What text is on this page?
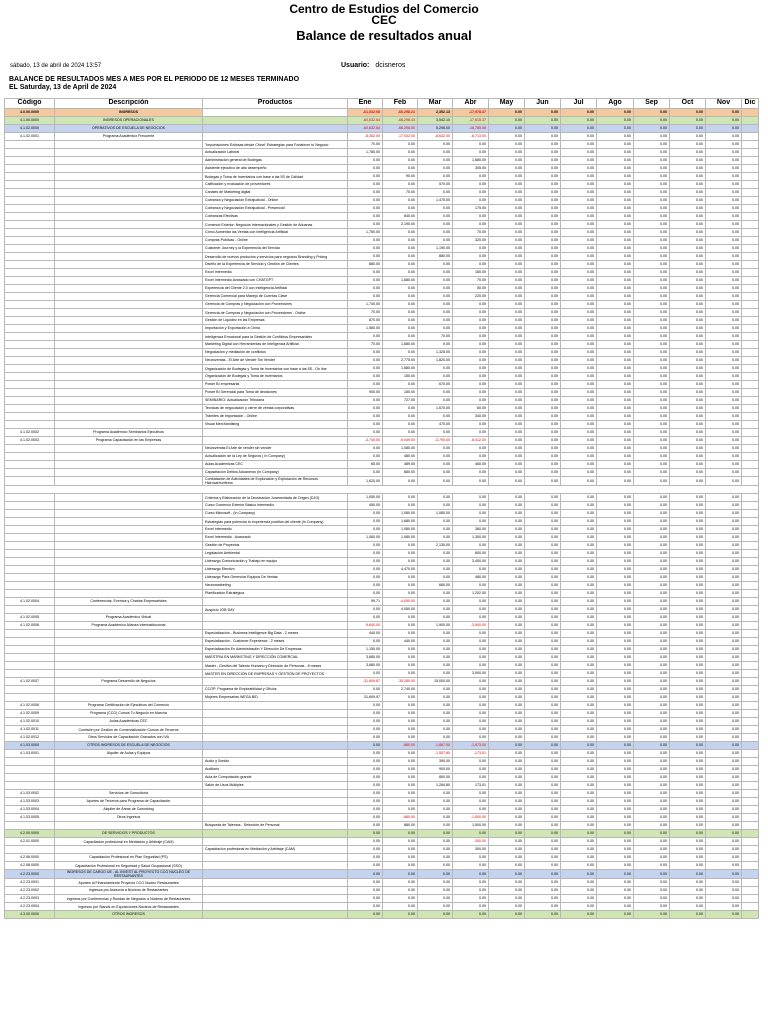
Centro de Estudios del Comercio
CEC
Balance de resultados anual
sábado, 13 de abril de 2024 13:57	Usuario: dcisneros
BALANCE DE RESULTADOS MES A MES POR EL PERIODO DE 12 MESES TERMINADO EL Saturday, 13 de April de 2024
Código	Descripción	Productos	Ene	Feb	Mar	Abr	May	Jun	Jul	Ago	Sep	Oct	Nov	Dic
4.0.00.0000	INGRESOS		-61,032.08	-66,298.21	2,352.13	-17,978.37	0.00	0.00	0.00	0.00	0.00	0.00	0.00	
4.1.00.0000	INGRESOS OPERACIONALES		-60,632.64	-66,298.43	3,542.10	-17,615.37	0.00	0.00	0.00	0.00	0.00	0.00	0.00	
4.1.02.0000	OPERATIVOS DE ESCUELA DE NEGOCIOS		-60,632.64	-66,298.50	5,296.00	-18,785.08	0.00	0.00	0.00	0.00	0.00	0.00	0.00	
4.1.02.0001	Programa Académico Frecuente		-8,362.00	-17,032.00	-8,632.00	-6,713.00	0.00	0.00	0.00	0.00	0.00	0.00	0.00	
		"Importaciones Exitosas desde China" Estrategias para Fortalecer tu Negocio	70.00	0.00	0.00	0.00	0.00	0.00	0.00	0.00	0.00	0.00	0.00	
		Actualización Laboral	1,780.00	0.00	0.00	0.00	0.00	0.00	0.00	0.00	0.00	0.00	0.00	
		Administración general de Bodegas	0.00	0.00	0.00	1,680.00	0.00	0.00	0.00	0.00	0.00	0.00	0.00	
		Asistente ejecutivo de alto desempeño	0.00	0.00	0.00	305.00	0.00	0.00	0.00	0.00	0.00	0.00	0.00	
		Bodegas y Toma de Inventarios con base a las 5S de Calidad	0.00	90.00	0.00	0.00	0.00	0.00	0.00	0.00	0.00	0.00	0.00	
		Calificación y evaluación de proveedores	0.00	0.00	570.00	0.00	0.00	0.00	0.00	0.00	0.00	0.00	0.00	
		Canales de Marketing digital	0.00	70.00	0.00	0.00	0.00	0.00	0.00	0.00	0.00	0.00	0.00	
		Cobranza y Negociación Extrajudicial - Online	0.00	0.00	1,475.00	0.00	0.00	0.00	0.00	0.00	0.00	0.00	0.00	
		Cobranza y Negociación Extrajudicial - Presencial	0.00	0.00	0.00	175.00	0.00	0.00	0.00	0.00	0.00	0.00	0.00	
		Cobranzas Efectivas	0.00	840.00	0.00	0.00	0.00	0.00	0.00	0.00	0.00	0.00	0.00	
		Comercio Exterior: Negocios Internacionales y Gestión de Aduanas	0.00	2,190.00	0.00	0.00	0.00	0.00	0.00	0.00	0.00	0.00	0.00	
		Cómo Aumentar las Ventas con Inteligencia Artificial	1,750.00	0.00	0.00	70.00	0.00	0.00	0.00	0.00	0.00	0.00	0.00	
		Compras Públicas - Online	0.00	0.00	0.00	320.00	0.00	0.00	0.00	0.00	0.00	0.00	0.00	
		Customer Journey y la Experiencia del Servicio	0.00	0.00	1,190.00	0.00	0.00	0.00	0.00	0.00	0.00	0.00	0.00	
		Desarrollo de nuevos productos y servicios para negocios Branding y Pricing	0.00	0.00	880.00	0.00	0.00	0.00	0.00	0.00	0.00	0.00	0.00	
		Diseño de la Experiencia de Servicio y Gestión de Clientes	880.00	0.00	0.00	0.00	0.00	0.00	0.00	0.00	0.00	0.00	0.00	
		Excel Intermedio	0.00	0.00	0.00	160.00	0.00	0.00	0.00	0.00	0.00	0.00	0.00	
		Excel Intermedio Avanzado con CHATGPT	0.00	1,680.00	0.00	70.00	0.00	0.00	0.00	0.00	0.00	0.00	0.00	
		Experiencia del Cliente 2.0 con Inteligencia Artificial	0.00	0.00	0.00	50.00	0.00	0.00	0.00	0.00	0.00	0.00	0.00	
		Gerencia Comercial para Manejo de Cuentas Clave	0.00	0.00	0.00	220.00	0.00	0.00	0.00	0.00	0.00	0.00	0.00	
		Gerencia de Compras y Negociación con Proveedores	1,740.00	0.00	0.00	0.00	0.00	0.00	0.00	0.00	0.00	0.00	0.00	
		Gerencia de Compras y Negociación con Proveedores - Online	70.00	0.00	0.00	0.00	0.00	0.00	0.00	0.00	0.00	0.00	0.00	
		Gestión de Liquidez en las Empresas	870.00	0.00	0.00	0.00	0.00	0.00	0.00	0.00	0.00	0.00	0.00	
		Importación y Exportación a China	1,580.00	0.00	0.00	0.00	0.00	0.00	0.00	0.00	0.00	0.00	0.00	
		Inteligencia Emocional para la Gestión de Conflictos Empresariales	0.00	0.00	70.00	0.00	0.00	0.00	0.00	0.00	0.00	0.00	0.00	
		Marketing Digital con Herramientas de Inteligencia Artificial	70.00	1,680.00	0.00	0.00	0.00	0.00	0.00	0.00	0.00	0.00	0.00	
		Negociación y mediación de conflictos	0.00	0.00	1,325.00	0.00	0.00	0.00	0.00	0.00	0.00	0.00	0.00	
		Neuroventas - El Arte de Vender Sin Vender	0.00	2,775.00	1,820.00	0.00	0.00	0.00	0.00	0.00	0.00	0.00	0.00	
		Organización de Bodegas y Toma de Inventarios con base a las 5S - On line	0.00	1,680.00	0.00	0.00	0.00	0.00	0.00	0.00	0.00	0.00	0.00	
		Organización de Bodegas y Toma de Inventarios	0.00	150.00	0.00	0.00	0.00	0.00	0.00	0.00	0.00	0.00	0.00	
		Power BI empresarial	0.00	0.00	670.00	0.00	0.00	0.00	0.00	0.00	0.00	0.00	0.00	
		Power BI Gerencial para Toma de decisiones	900.00	150.00	0.00	0.00	0.00	0.00	0.00	0.00	0.00	0.00	0.00	
		SEMINARIO: Actualización Tributaria	0.00	727.00	0.00	0.00	0.00	0.00	0.00	0.00	0.00	0.00	0.00	
		Tecnicas de negociación y cierre de ventas corporativas	0.00	0.00	1,670.00	60.00	0.00	0.00	0.00	0.00	0.00	0.00	0.00	
		Trámites de importación - Online	0.00	0.00	0.00	340.00	0.00	0.00	0.00	0.00	0.00	0.00	0.00	
		Visual Merchandising	0.00	0.00	470.00	0.00	0.00	0.00	0.00	0.00	0.00	0.00	0.00	
4.1.02.0002	Programa Académico Seminarios Ejecutivos		0.00	0.00	0.00	0.00	0.00	0.00	0.00	0.00	0.00	0.00	0.00	
4.1.02.0003	Programa Capacitación en las Empresas		-3,740.00	-9,049.00	-3,790.00	-8,412.00	0.00	0.00	0.00	0.00	0.00	0.00	0.00	
		Neuroventas El Arte de vender sin vender	0.00	1,080.00	0.00	0.00	0.00	0.00	0.00	0.00	0.00	0.00	0.00	
		Actualización de la Ley de Seguros ( In Company)	0.00	480.00	0.00	0.00	0.00	0.00	0.00	0.00	0.00	0.00	0.00	
		Aulas Académicas CEC	65.00	489.00	0.00	460.00	0.00	0.00	0.00	0.00	0.00	0.00	0.00	
		Capacitación Delitos Aduaneros (In Company)	0.00	680.00	0.00	0.00	0.00	0.00	0.00	0.00	0.00	0.00	0.00	
		Contratación de Actividades de Exploración y Explotación de Recursos Hidrocarburíferos	1,620.00	0.00	0.00	0.00	0.00	0.00	0.00	0.00	0.00	0.00	0.00	

		Criterios y Elaboración de la Declaración Juramentada de Origen (DJO)	1,050.00	0.00	0.00	0.00	0.00	0.00	0.00	0.00	0.00	0.00	0.00	
		Curso Comercio Exterior Básico Intermedio	450.00	0.00	0.00	0.00	0.00	0.00	0.00	0.00	0.00	0.00	0.00	
		Curso Microsoft - (In Company)	0.00	1,080.00	1,080.00	0.00	0.00	0.00	0.00	0.00	0.00	0.00	0.00	
		Estrategias para potenciar tu experiencia positiva del cliente (In Company)	0.00	1,680.00	0.00	0.00	0.00	0.00	0.00	0.00	0.00	0.00	0.00	
		Excel intermedio	0.00	1,080.00	0.00	360.00	0.00	0.00	0.00	0.00	0.00	0.00	0.00	
		Excel Intermedio - Avanzado	1,080.00	1,080.00	0.00	1,300.00	0.00	0.00	0.00	0.00	0.00	0.00	0.00	
		Gestión de Proyectos	0.00	0.00	2,130.00	0.00	0.00	0.00	0.00	0.00	0.00	0.00	0.00	
		Legislación Ambiental	0.00	0.00	0.00	800.00	0.00	0.00	0.00	0.00	0.00	0.00	0.00	
		Liderazgo Comunicación y Trabajo en equipo	0.00	0.00	0.00	3,400.00	0.00	0.00	0.00	0.00	0.00	0.00	0.00	
		Liderazgo Efectivo	0.00	4,470.00	0.00	0.00	0.00	0.00	0.00	0.00	0.00	0.00	0.00	
		Liderazgo Para Gerenciar Equipos De Ventas	0.00	0.00	0.00	480.00	0.00	0.00	0.00	0.00	0.00	0.00	0.00	
		Neuromarketing	0.00	0.00	680.00	0.00	0.00	0.00	0.00	0.00	0.00	0.00	0.00	
		Planificación Estratégica	0.00	0.00	0.00	1,202.00	0.00	0.00	0.00	0.00	0.00	0.00	0.00	
4.1.02.0004	Conferencias, Eventos y Charlas Empresariales		99.71	-4,050.00	0.00	0.00	0.00	0.00	0.00	0.00	0.00	0.00	0.00	
		Auspicio JOB DAY	0.00	4,050.00	0.00	0.00	0.00	0.00	0.00	0.00	0.00	0.00	0.00	
4.1.02.0005	Programa Académico Virtual		0.00	0.00	0.00	0.00	0.00	0.00	0.00	0.00	0.00	0.00	0.00	
4.1.02.0006	Programa Académico Alianza Interinstitucional		-9,640.00	0.00	1,900.00	-3,900.00	0.00	0.00	0.00	0.00	0.00	0.00	0.00	
		Especialización - Business Intelligence Big Data - 2 meses	440.00	0.00	0.00	0.00	0.00	0.00	0.00	0.00	0.00	0.00	0.00	
		Especialización - Customer Experience - 2 meses	0.00	440.00	0.00	0.00	0.00	0.00	0.00	0.00	0.00	0.00	0.00	
		Especialización En Administración Y Dirección De Empresas	1,150.00	0.00	0.00	0.00	0.00	0.00	0.00	0.00	0.00	0.00	0.00	
		MAESTRIA EN MARKETING Y DIRECCIÓN COMERCIAL	3,680.00	0.00	0.00	0.00	0.00	0.00	0.00	0.00	0.00	0.00	0.00	
		Master - Gestión del Talento Humano y Dirección de Personas - 8 meses	3,680.00	0.00	0.00	0.00	0.00	0.00	0.00	0.00	0.00	0.00	0.00	
		MASTER EN DIRECCIÓN DE EMPRESAS Y GESTIÓN DE PROYECTOS	0.00	0.00	0.00	3,900.00	0.00	0.00	0.00	0.00	0.00	0.00	0.00	
4.1.02.0007	Programa Desarrollo de Negocios		-31,609.87	-35,280.00	15,000.00	0.00	0.00	0.00	0.00	0.00	0.00	0.00	0.00	
		CCGP: Programa de Empleabilidad y Oficios	0.00	2,740.00	0.00	0.00	0.00	0.00	0.00	0.00	0.00	0.00	0.00	
		Mujeres Empresarias WEGA BID	31,609.97	0.00	0.00	0.00	0.00	0.00	0.00	0.00	0.00	0.00	0.00	
4.1.02.0008	Programa Certificación de Ejecutivos del Comercio		0.00	0.00	0.00	0.00	0.00	0.00	0.00	0.00	0.00	0.00	0.00	
4.1.02.0009	Programa (CCG) Cursos Tu Negocio en Marcha		0.00	0.00	0.00	0.00	0.00	0.00	0.00	0.00	0.00	0.00	0.00	
4.1.02.0010	Aulas Académicas CEC		0.00	0.00	0.00	0.00	0.00	0.00	0.00	0.00	0.00	0.00	0.00	
4.1.02.0011	Comisión por Gestión de Comercialización Cursos de Terceros		0.00	0.00	0.00	0.00	0.00	0.00	0.00	0.00	0.00	0.00	0.00	
4.1.02.0012	Otros Servicios de Capacitación Gravados con IVA		0.00	0.00	0.00	0.00	0.00	0.00	0.00	0.00	0.00	0.00	0.00	
4.1.03.0000	OTROS INGRESOS DE ESCUELA DE NEGOCIOS		0.00	-880.00	-1,867.00	-1,673.00	0.00	0.00	0.00	0.00	0.00	0.00	0.00	
4.1.03.0001	Alquiler de Aulas y Equipos		0.00	0.00	-1,557.80	-173.01	0.00	0.00	0.00	0.00	0.00	0.00	0.00	
		Audio y Sonido	0.00	0.00	390.00	0.00	0.00	0.00	0.00	0.00	0.00	0.00	0.00	
		Auditorio	0.00	0.00	900.00	0.00	0.00	0.00	0.00	0.00	0.00	0.00	0.00	
		Aula de Computación grande	0.00	0.00	800.00	0.00	0.00	0.00	0.00	0.00	0.00	0.00	0.00	
		Salón de Usos Múltiples	0.00	0.00	1,284.80	173.01	0.00	0.00	0.00	0.00	0.00	0.00	0.00	
4.1.03.0002	Servicios de Consultoría		0.00	0.00	0.00	0.00	0.00	0.00	0.00	0.00	0.00	0.00	0.00	
4.1.03.0003	Aportes de Terceros para Programa de Capacitación		0.00	0.00	0.00	0.00	0.00	0.00	0.00	0.00	0.00	0.00	0.00	
4.1.03.0004	Alquiler de Áreas de Coworking		0.00	0.00	0.00	0.00	0.00	0.00	0.00	0.00	0.00	0.00	0.00	
4.1.03.0005	Otros Ingresos		0.00	-880.00	0.00	-1,500.00	0.00	0.00	0.00	0.00	0.00	0.00	0.00	
		Búsqueda de Talentos - Selección de Personal	0.00	880.00	0.00	1,500.00	0.00	0.00	0.00	0.00	0.00	0.00	0.00	
4.2.00.0000	DE SERVICIOS Y PRODUCTOS		0.00	0.00	0.00	0.00	0.00	0.00	0.00	0.00	0.00	0.00	0.00	
4.2.01.0000	Capacitación profesional en Mediación y Arbitraje (CAM)		0.00	0.00	0.00	-300.00	0.00	0.00	0.00	0.00	0.00	0.00	0.00	
		Capacitación profesional en Mediación y Arbitraje (CAM)	0.00	0.00	0.00	300.00	0.00	0.00	0.00	0.00	0.00	0.00	0.00	
4.2.06.0000	Capacitación Profesional en Plan Seguridad (PS)		0.00	0.00	0.00	0.00	0.00	0.00	0.00	0.00	0.00	0.00	0.00	
4.2.08.0000	Capacitación Profesional en Seguridad y Salud Ocupacional (SSO)		0.00	0.00	0.00	0.00	0.00	0.00	0.00	0.00	0.00	0.00	0.00	
4.2.23.0000	INGRESOS DE CARGO UE - AL INVEST AL PROYECTO CCG NUCLEO DE RESTAURANTES		0.00	0.00	0.00	0.00	0.00	0.00	0.00	0.00	0.00	0.00	0.00	
4.2.23.0001	Aportes al Financiamiento Proyecto CCG Nucleo Restaurantes		0.00	0.00	0.00	0.00	0.00	0.00	0.00	0.00	0.00	0.00	0.00	
4.2.23.0002	Ingresos por Asesoría a Núcleos de Restaurantes		0.00	0.00	0.00	0.00	0.00	0.00	0.00	0.00	0.00	0.00	0.00	
4.2.23.0003	Ingresos por Conferencias y Ruedas de Negocios a Núcleos de Restaurantes		0.00	0.00	0.00	0.00	0.00	0.00	0.00	0.00	0.00	0.00	0.00	
4.2.23.0004	Ingresos por Stands en Exposiciones Núcleos de Restaurantes		0.00	0.00	0.00	0.00	0.00	0.00	0.00	0.00	0.00	0.00	0.00	
4.3.00.0000	OTROS INGRESOS		0.00	0.00	0.00	0.00	0.00	0.00	0.00	0.00	0.00	0.00	0.00	
